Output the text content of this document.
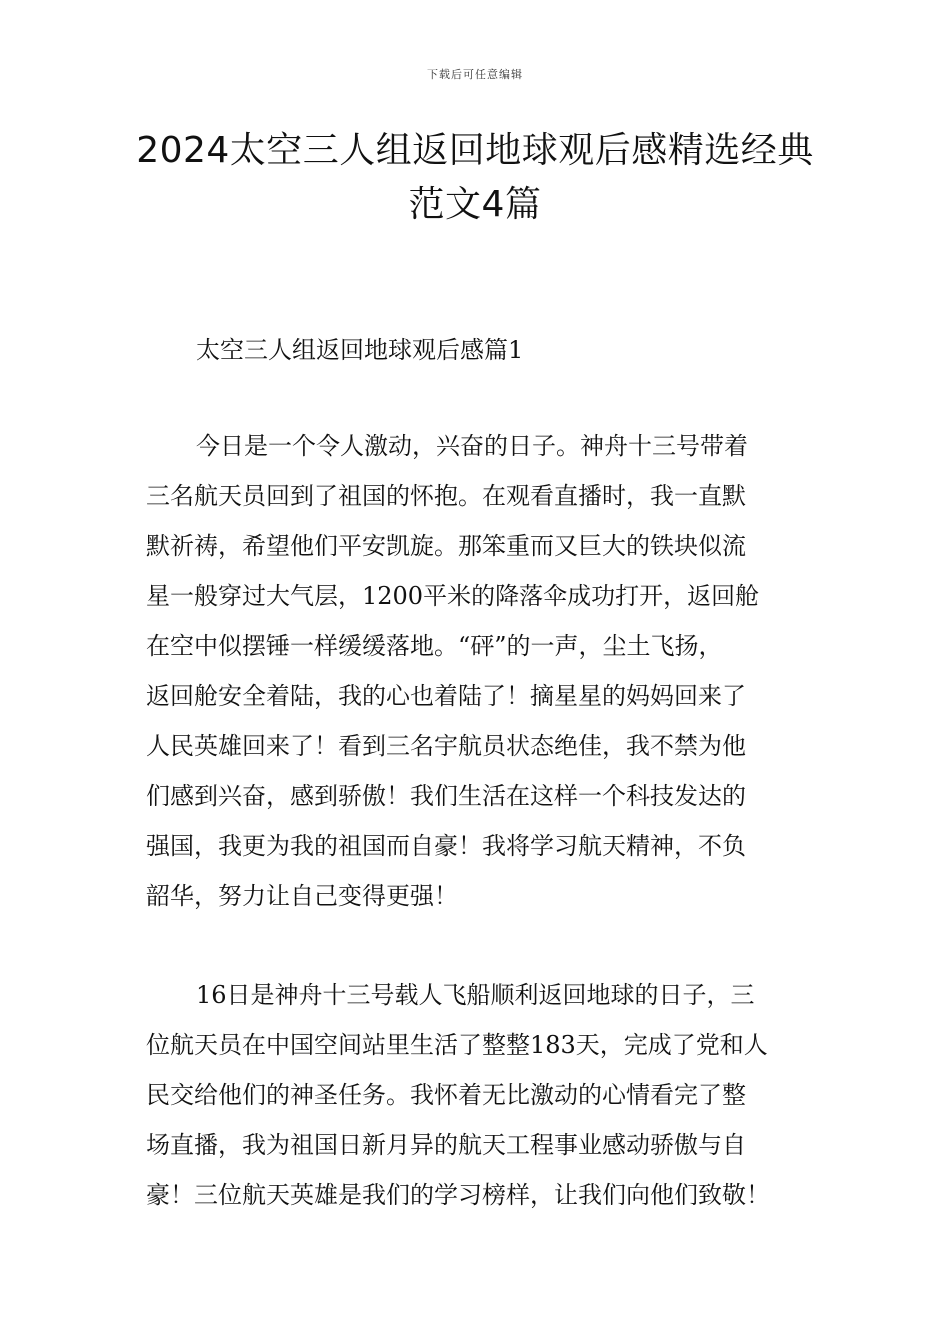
下载后可任意编辑
2024太空三人组返回地球观后感精选经典
范文4篇
太空三人组返回地球观后感篇1

今日是一个令人激动，兴奋的日子。神舟十三号带着
三名航天员回到了祖国的怀抱。在观看直播时，我一直默
默祈祷，希望他们平安凯旋。那笨重而又巨大的铁块似流
星一般穿过大气层，1200平米的降落伞成功打开，返回舱
在空中似摆锤一样缓缓落地。“砰”的一声，尘土飞扬，
返回舱安全着陆，我的心也着陆了！摘星星的妈妈回来了
人民英雄回来了！看到三名宇航员状态绝佳，我不禁为他
们感到兴奋，感到骄傲！我们生活在这样一个科技发达的
强国，我更为我的祖国而自豪！我将学习航天精神，不负
韶华，努力让自己变得更强！

16日是神舟十三号载人飞船顺利返回地球的日子，三
位航天员在中国空间站里生活了整整183天，完成了党和人
民交给他们的神圣任务。我怀着无比激动的心情看完了整
场直播，我为祖国日新月异的航天工程事业感动骄傲与自
豪！三位航天英雄是我们的学习榜样，让我们向他们致敬！
